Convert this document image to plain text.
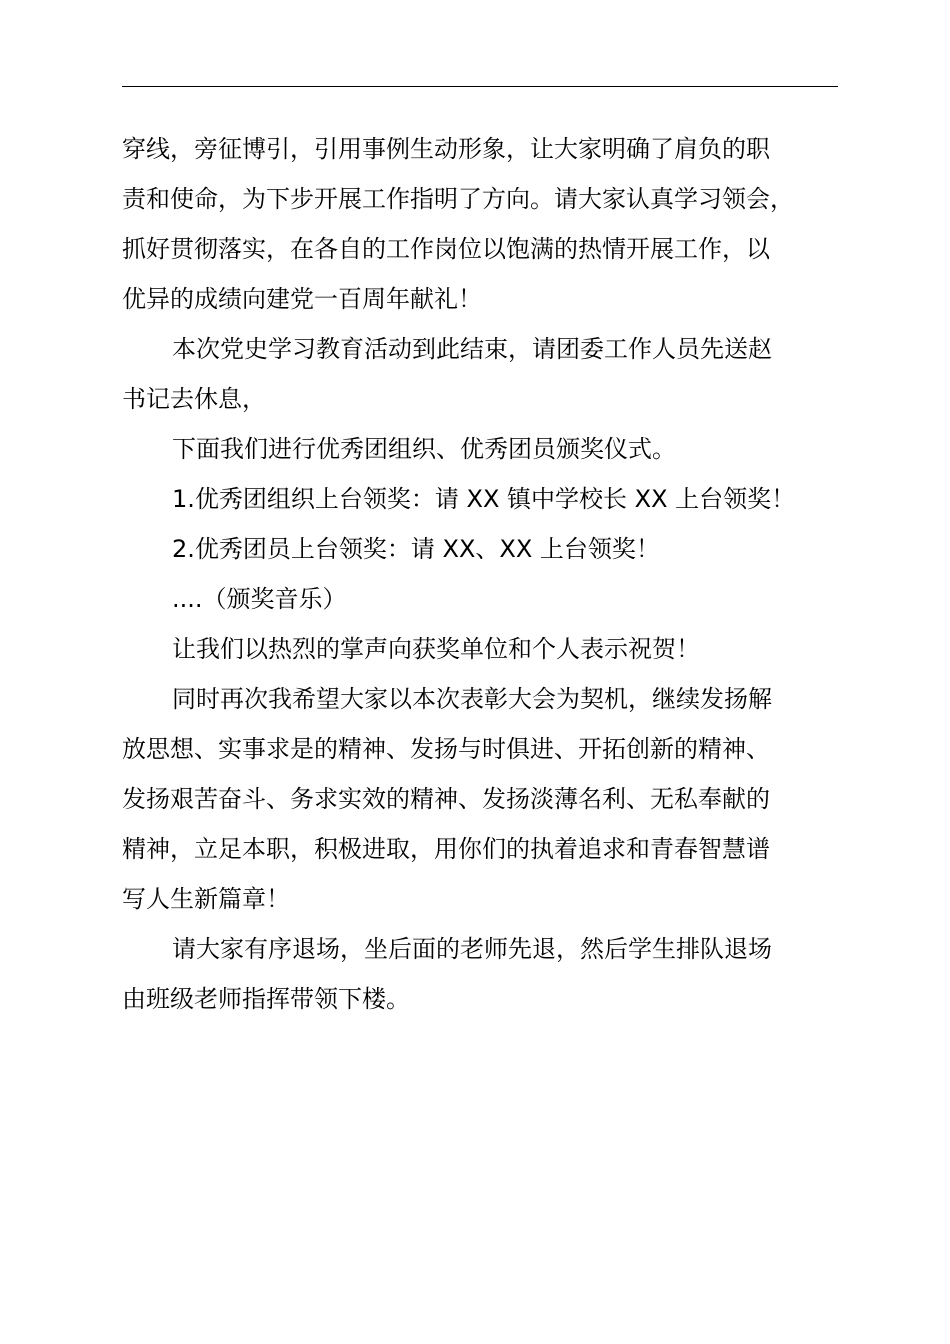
穿线，旁征博引，引用事例生动形象，让大家明确了肩负的职
责和使命，为下步开展工作指明了方向。请大家认真学习领会，
抓好贯彻落实，在各自的工作岗位以饱满的热情开展工作，以
优异的成绩向建党一百周年献礼！
本次党史学习教育活动到此结束，请团委工作人员先送赵
书记去休息，
下面我们进行优秀团组织、优秀团员颁奖仪式。
1.优秀团组织上台领奖：请 XX 镇中学校长 XX 上台领奖！
2.优秀团员上台领奖：请 XX、XX 上台领奖！
....（颁奖音乐）
让我们以热烈的掌声向获奖单位和个人表示祝贺！
同时再次我希望大家以本次表彰大会为契机，继续发扬解
放思想、实事求是的精神、发扬与时俱进、开拓创新的精神、
发扬艰苦奋斗、务求实效的精神、发扬淡薄名利、无私奉献的
精神，立足本职，积极进取，用你们的执着追求和青春智慧谱
写人生新篇章！
请大家有序退场，坐后面的老师先退，然后学生排队退场
由班级老师指挥带领下楼。
